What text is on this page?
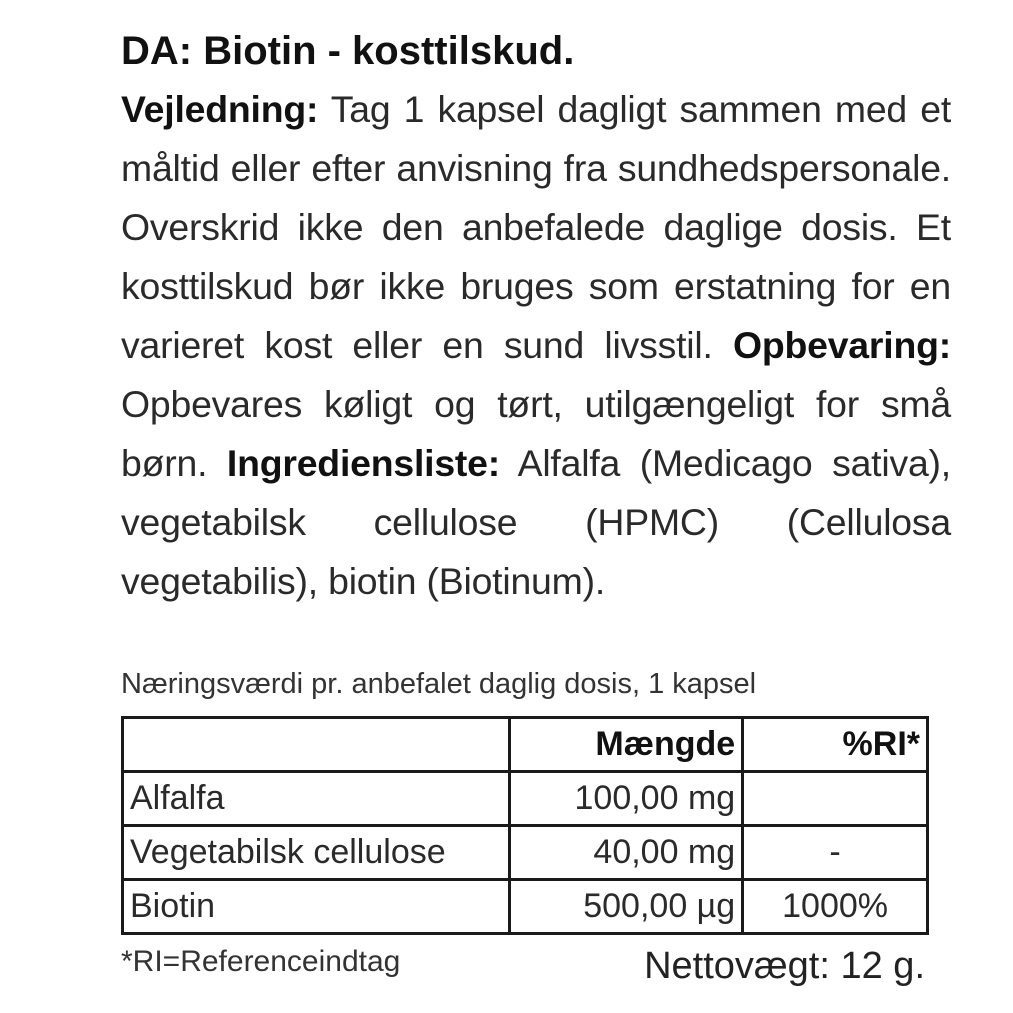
DA: Biotin - kosttilskud.
Vejledning: Tag 1 kapsel dagligt sammen med et måltid eller efter anvisning fra sundhedspersonale. Overskrid ikke den anbefalede daglige dosis. Et kosttilskud bør ikke bruges som erstatning for en varieret kost eller en sund livsstil. Opbevaring: Opbevares køligt og tørt, utilgængeligt for små børn. Ingrediensliste: Alfalfa (Medicago sativa), vegetabilsk cellulose (HPMC) (Cellulosa vegetabilis), biotin (Biotinum).
Næringsværdi pr. anbefalet daglig dosis, 1 kapsel
	Mængde	%RI*
Alfalfa	100,00 mg	
Vegetabilsk cellulose	40,00 mg	-
Biotin	500,00 µg	1000%
*RI=Referenceindtag	Nettovægt: 12 g.
